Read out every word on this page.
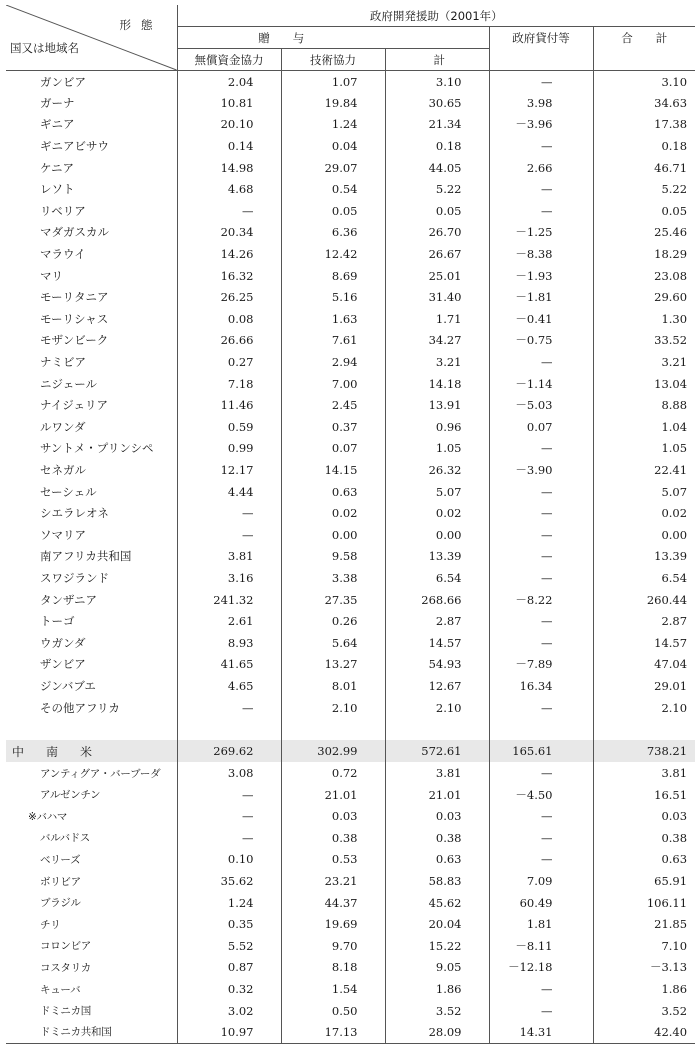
形態
国又は地域名	政府開発援助（2001年）				
	贈　　与			政府貸付等	合　　計
	無償資金協力	技術協力	計		
ガンビア	2.04	1.07	3.10	—	3.10
ガーナ	10.81	19.84	30.65	3.98	34.63
ギニア	20.10	1.24	21.34	－3.96	17.38
ギニアビサウ	0.14	0.04	0.18	—	0.18
ケニア	14.98	29.07	44.05	2.66	46.71
レソト	4.68	0.54	5.22	—	5.22
リベリア	—	0.05	0.05	—	0.05
マダガスカル	20.34	6.36	26.70	－1.25	25.46
マラウイ	14.26	12.42	26.67	－8.38	18.29
マリ	16.32	8.69	25.01	－1.93	23.08
モーリタニア	26.25	5.16	31.40	－1.81	29.60
モーリシャス	0.08	1.63	1.71	－0.41	1.30
モザンビーク	26.66	7.61	34.27	－0.75	33.52
ナミビア	0.27	2.94	3.21	—	3.21
ニジェール	7.18	7.00	14.18	－1.14	13.04
ナイジェリア	11.46	2.45	13.91	－5.03	8.88
ルワンダ	0.59	0.37	0.96	0.07	1.04
サントメ・プリンシペ	0.99	0.07	1.05	—	1.05
セネガル	12.17	14.15	26.32	－3.90	22.41
セーシェル	4.44	0.63	5.07	—	5.07
シエラレオネ	—	0.02	0.02	—	0.02
ソマリア	—	0.00	0.00	—	0.00
南アフリカ共和国	3.81	9.58	13.39	—	13.39
スワジランド	3.16	3.38	6.54	—	6.54
タンザニア	241.32	27.35	268.66	－8.22	260.44
トーゴ	2.61	0.26	2.87	—	2.87
ウガンダ	8.93	5.64	14.57	—	14.57
ザンビア	41.65	13.27	54.93	－7.89	47.04
ジンバブエ	4.65	8.01	12.67	16.34	29.01
その他アフリカ	—	2.10	2.10	—	2.10

中南米	269.62	302.99	572.61	165.61	738.21
アンティグア・バーブーダ	3.08	0.72	3.81	—	3.81
アルゼンチン	—	21.01	21.01	－4.50	16.51
※バハマ	—	0.03	0.03	—	0.03
バルバドス	—	0.38	0.38	—	0.38
ベリーズ	0.10	0.53	0.63	—	0.63
ボリビア	35.62	23.21	58.83	7.09	65.91
ブラジル	1.24	44.37	45.62	60.49	106.11
チリ	0.35	19.69	20.04	1.81	21.85
コロンビア	5.52	9.70	15.22	－8.11	7.10
コスタリカ	0.87	8.18	9.05	－12.18	－3.13
キューバ	0.32	1.54	1.86	—	1.86
ドミニカ国	3.02	0.50	3.52	—	3.52
ドミニカ共和国	10.97	17.13	28.09	14.31	42.40
